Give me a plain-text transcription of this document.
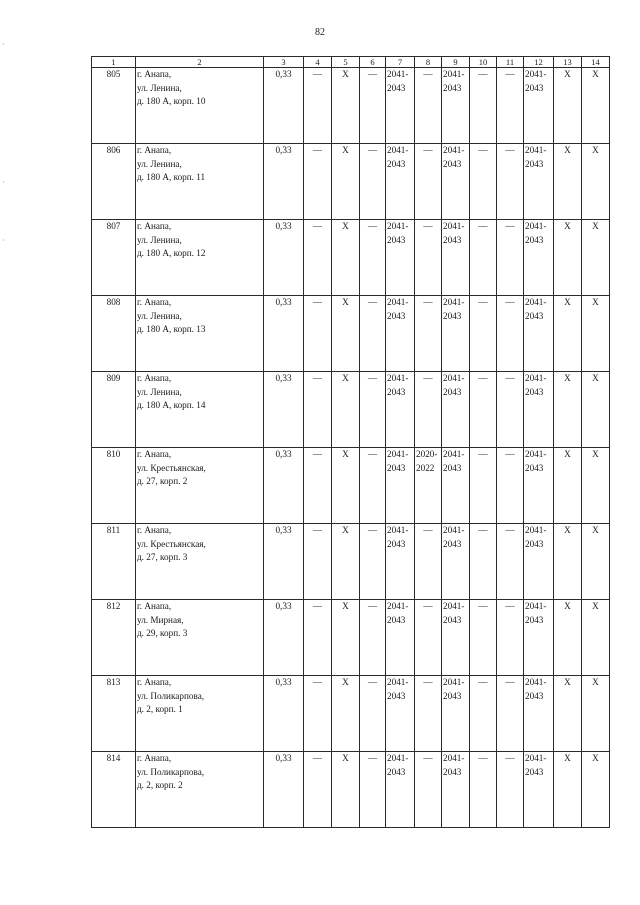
82
·
·
·
1	2	3	4	5	6	7	8	9	10	11	12	13	14
805	г. Анапа,
ул. Ленина,
д. 180 А, корп. 10	0,33	—	X	—	2041-
2043	—	2041-
2043	—	—	2041-
2043	X	X
806	г. Анапа,
ул. Ленина,
д. 180 А, корп. 11	0,33	—	X	—	2041-
2043	—	2041-
2043	—	—	2041-
2043	X	X
807	г. Анапа,
ул. Ленина,
д. 180 А, корп. 12	0,33	—	X	—	2041-
2043	—	2041-
2043	—	—	2041-
2043	X	X
808	г. Анапа,
ул. Ленина,
д. 180 А, корп. 13	0,33	—	X	—	2041-
2043	—	2041-
2043	—	—	2041-
2043	X	X
809	г. Анапа,
ул. Ленина,
д. 180 А, корп. 14	0,33	—	X	—	2041-
2043	—	2041-
2043	—	—	2041-
2043	X	X
810	г. Анапа,
ул. Крестьянская,
д. 27, корп. 2	0,33	—	X	—	2041-
2043	2020-
2022	2041-
2043	—	—	2041-
2043	X	X
811	г. Анапа,
ул. Крестьянская,
д. 27, корп. 3	0,33	—	X	—	2041-
2043	—	2041-
2043	—	—	2041-
2043	X	X
812	г. Анапа,
ул. Мирная,
д. 29, корп. 3	0,33	—	X	—	2041-
2043	—	2041-
2043	—	—	2041-
2043	X	X
813	г. Анапа,
ул. Поликарпова,
д. 2, корп. 1	0,33	—	X	—	2041-
2043	—	2041-
2043	—	—	2041-
2043	X	X
814	г. Анапа,
ул. Поликарпова,
д. 2, корп. 2	0,33	—	X	—	2041-
2043	—	2041-
2043	—	—	2041-
2043	X	X
